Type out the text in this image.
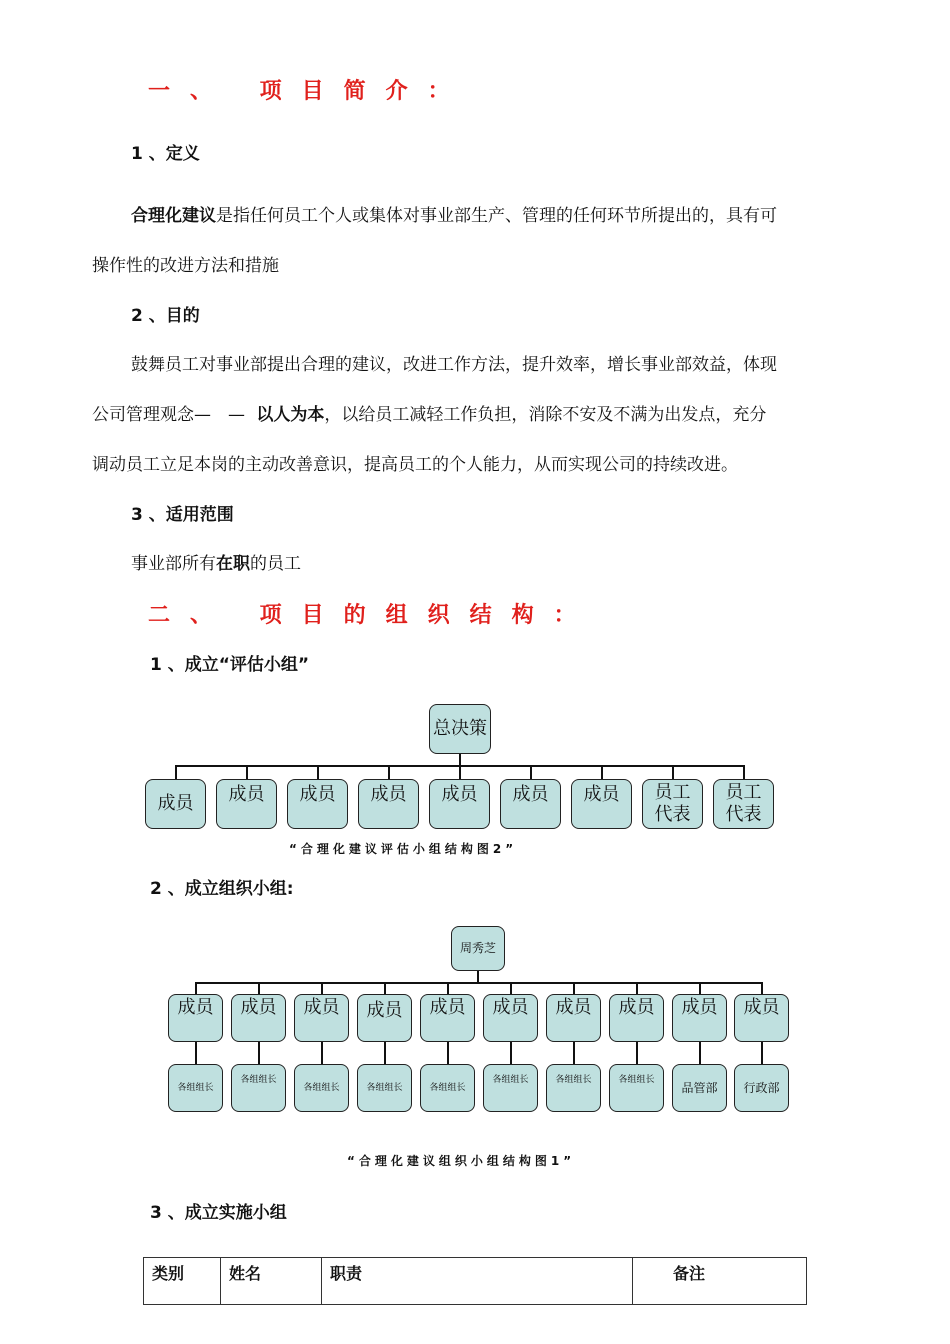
一、 项目简介：
1 、定义
合理化建议是指任何员工个人或集体对事业部生产、管理的任何环节所提出的，具有可
操作性的改进方法和措施
2 、目的
鼓舞员工对事业部提出合理的建议，改进工作方法，提升效率，增长事业部效益，体现
公司管理观念—　— 以人为本，以给员工减轻工作负担，消除不安及不满为出发点，充分
调动员工立足本岗的主动改善意识，提高员工的个人能力，从而实现公司的持续改进。
3 、适用范围
事业部所有在职的员工
二、 项目的组织结构：
1 、成立“评估小组”
总决策
成员	成员	成员	成员	成员	成员	成员	员工代表
员工代表
“合理化建议评估小组结构图2”
2 、成立组织小组:
周秀芝
成员	成员	成员	成员	成员	成员	成员	成员	成员	成员
各组组长
各组组长
各组组长	各组组长	各组组长
各组组长	各组组长	各组组长
品管部	行政部
“合理化建议组织小组结构图1”
3 、成立实施小组
类别	姓名	职责	备注
